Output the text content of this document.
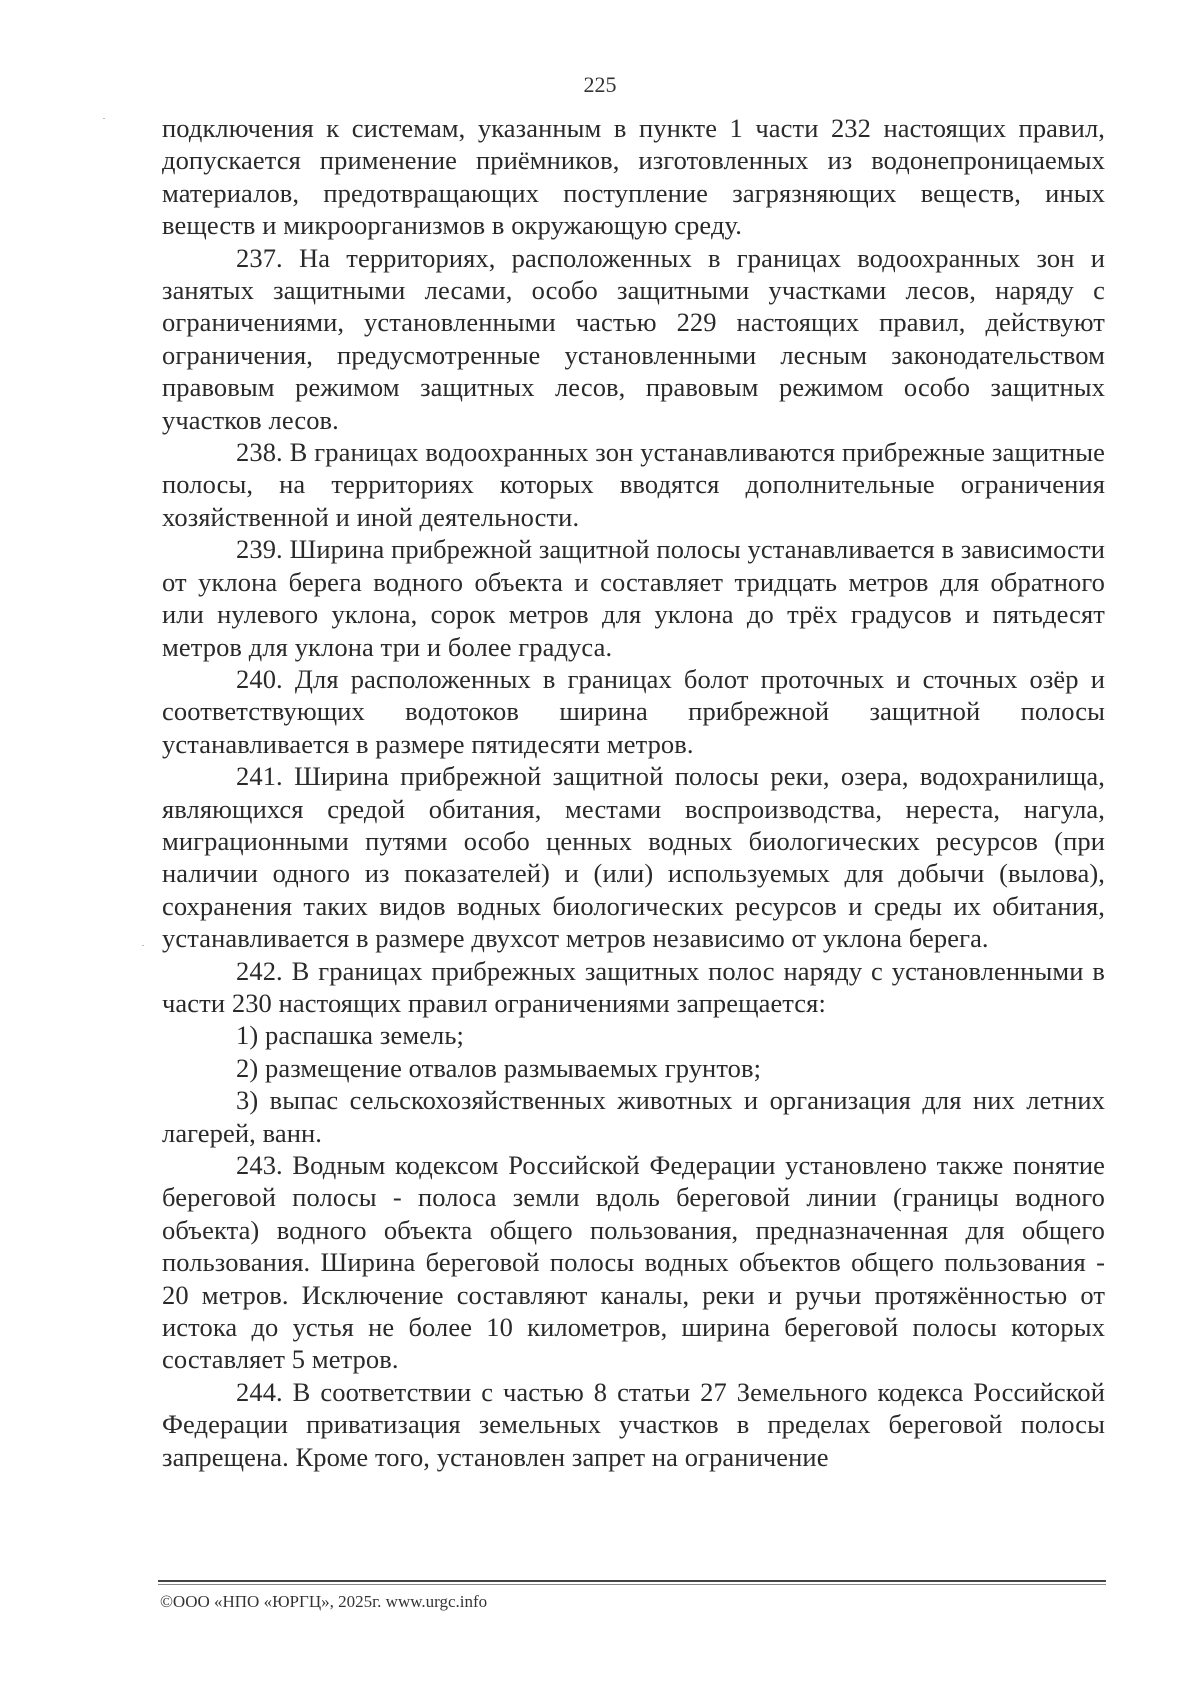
225

подключения к системам, указанным в пункте 1 части 232 настоящих правил, допускается применение приёмников, изготовленных из водонепроницаемых материалов, предотвращающих поступление загрязняющих веществ, иных веществ и микроорганизмов в окружающую среду.

237. На территориях, расположенных в границах водоохранных зон и занятых защитными лесами, особо защитными участками лесов, наряду с ограничениями, установленными частью 229 настоящих правил, действуют ограничения, предусмотренные установленными лесным законодательством правовым режимом защитных лесов, правовым режимом особо защитных участков лесов.

238. В границах водоохранных зон устанавливаются прибрежные защитные полосы, на территориях которых вводятся дополнительные ограничения хозяйственной и иной деятельности.

239. Ширина прибрежной защитной полосы устанавливается в зависимости от уклона берега водного объекта и составляет тридцать метров для обратного или нулевого уклона, сорок метров для уклона до трёх градусов и пятьдесят метров для уклона три и более градуса.

240. Для расположенных в границах болот проточных и сточных озёр и соответствующих водотоков ширина прибрежной защитной полосы устанавливается в размере пятидесяти метров.

241. Ширина прибрежной защитной полосы реки, озера, водохранилища, являющихся средой обитания, местами воспроизводства, нереста, нагула, миграционными путями особо ценных водных биологических ресурсов (при наличии одного из показателей) и (или) используемых для добычи (вылова), сохранения таких видов водных биологических ресурсов и среды их обитания, устанавливается в размере двухсот метров независимо от уклона берега.

242. В границах прибрежных защитных полос наряду с установленными в части 230 настоящих правил ограничениями запрещается:

1) распашка земель;

2) размещение отвалов размываемых грунтов;

3) выпас сельскохозяйственных животных и организация для них летних лагерей, ванн.

243. Водным кодексом Российской Федерации установлено также понятие береговой полосы - полоса земли вдоль береговой линии (границы водного объекта) водного объекта общего пользования, предназначенная для общего пользования. Ширина береговой полосы водных объектов общего пользования - 20 метров. Исключение составляют каналы, реки и ручьи протяжённостью от истока до устья не более 10 километров, ширина береговой полосы которых составляет 5 метров.

244. В соответствии с частью 8 статьи 27 Земельного кодекса Российской Федерации приватизация земельных участков в пределах береговой полосы запрещена. Кроме того, установлен запрет на ограничение

©ООО «НПО «ЮРГЦ», 2025г. www.urgc.info
